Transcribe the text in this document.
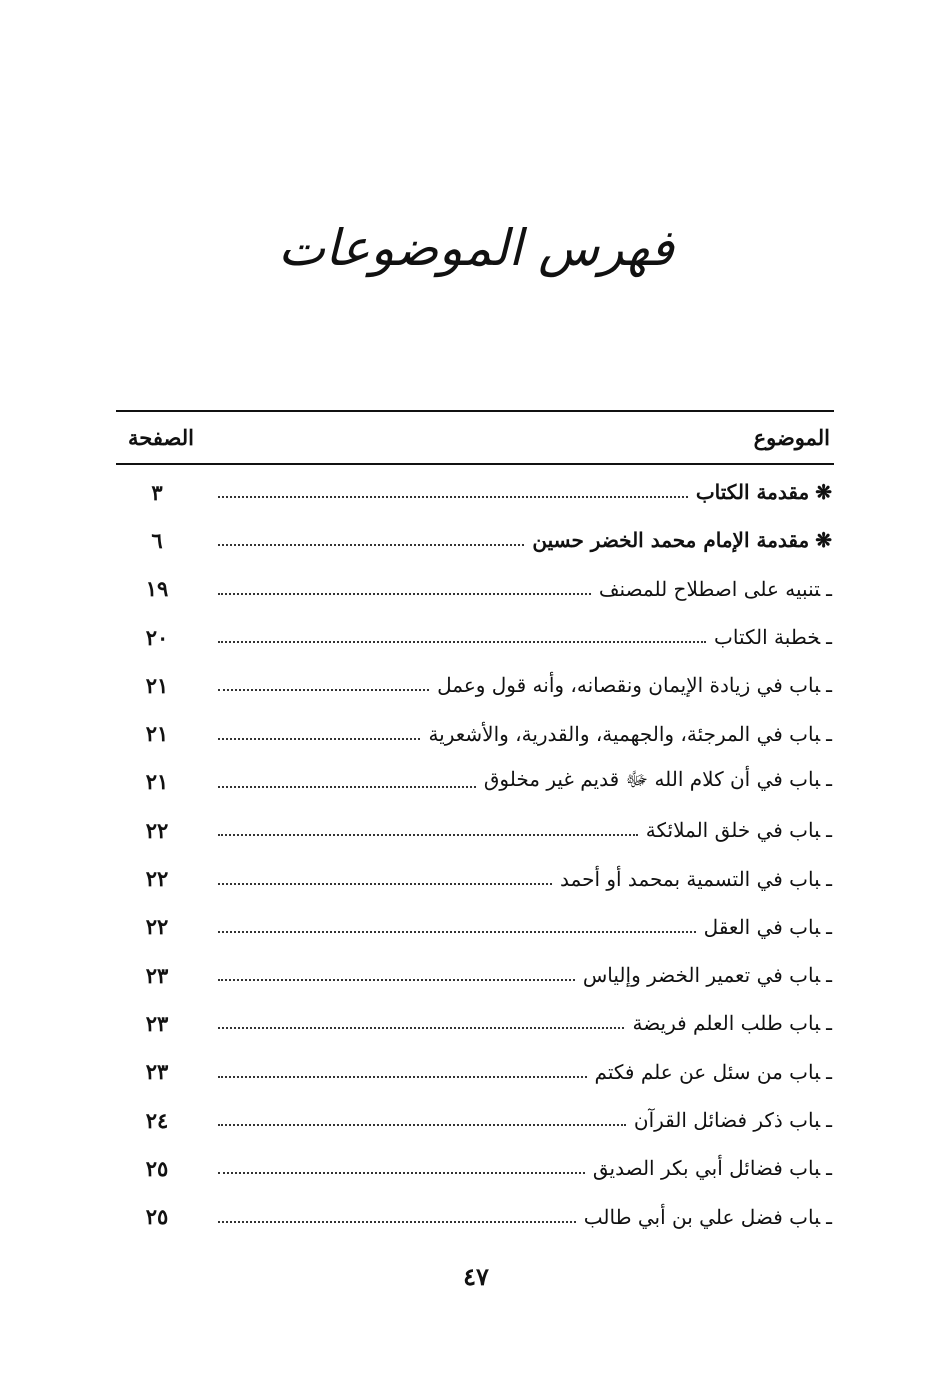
فهرس الموضوعات
الموضوع
الصفحة
❋مقدمة الكتاب
٣
❋مقدمة الإمام محمد الخضر حسين
٦
ـتنبيه على اصطلاح للمصنف
١٩
ـخطبة الكتاب
٢٠
ـباب في زيادة الإيمان ونقصانه، وأنه قول وعمل
٢١
ـباب في المرجئة، والجهمية، والقدرية، والأشعرية
٢١
ـباب في أن كلام الله ﷻ قديم غير مخلوق
٢١
ـباب في خلق الملائكة
٢٢
ـباب في التسمية بمحمد أو أحمد
٢٢
ـباب في العقل
٢٢
ـباب في تعمير الخضر وإلياس
٢٣
ـباب طلب العلم فريضة
٢٣
ـباب من سئل عن علم فكتم
٢٣
ـباب ذكر فضائل القرآن
٢٤
ـباب فضائل أبي بكر الصديق
٢٥
ـباب فضل علي بن أبي طالب
٢٥
٤٧
